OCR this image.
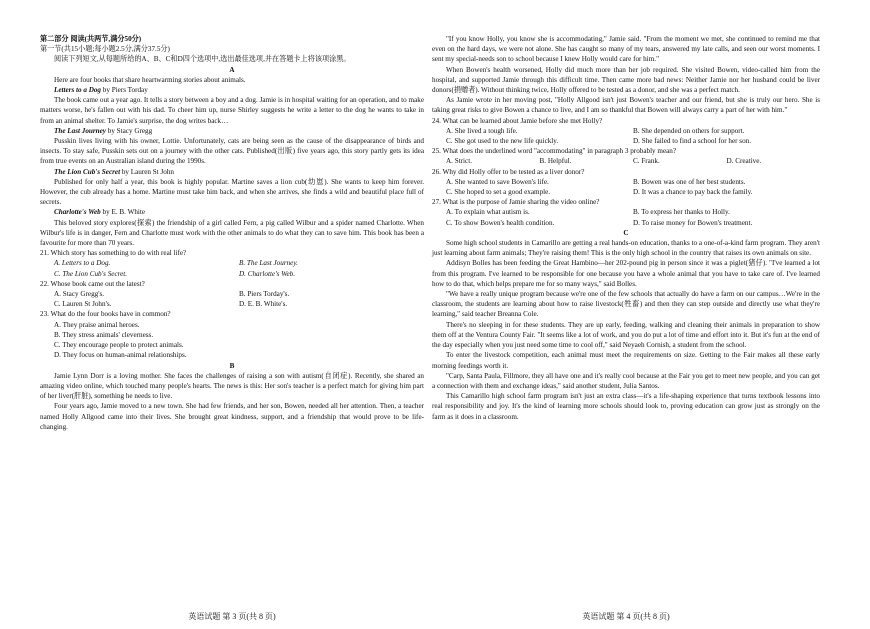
第二部分 阅读(共两节,满分50分)

第一节(共15小题;每小题2.5分,满分37.5分)

阅读下列短文,从每题所给的A、B、C和D四个选项中,选出最佳选项,并在答题卡上将该项涂黑。

A

Here are four books that share heartwarming stories about animals.

Letters to a Dog by Piers Torday

The book came out a year ago. It tells a story between a boy and a dog. Jamie is in hospital waiting for an operation, and to make matters worse, he's fallen out with his dad. To cheer him up, nurse Shirley suggests he write a letter to the dog he wants to take in from an animal shelter. To Jamie's surprise, the dog writes back…

The Last Journey by Stacy Gregg

Pusskin lives living with his owner, Lottie. Unfortunately, cats are being seen as the cause of the disappearance of birds and insects. To stay safe, Pusskin sets out on a journey with the other cats. Published(出版) five years ago, this story partly gets its idea from true events on an Australian island during the 1990s.

The Lion Cub's Secret by Lauren St John

Published for only half a year, this book is highly popular. Martine saves a lion cub(幼崽). She wants to keep him forever. However, the cub already has a home. Martine must take him back, and when she arrives, she finds a wild and beautiful place full of secrets.

Charlotte's Web by E. B. White

This beloved story explores(探索) the friendship of a girl called Fern, a pig called Wilbur and a spider named Charlotte. When Wilbur's life is in danger, Fern and Charlotte must work with the other animals to do what they can to save him. This book has been a favourite for more than 70 years.

21. Which story has something to do with real life?

A. Letters to a Dog.	B. The Last Journey.
C. The Lion Cub's Secret.	D. Charlotte's Web.

22. Whose book came out the latest?

A. Stacy Gregg's.	B. Piers Torday's.
C. Lauren St John's.	D. E. B. White's.

23. What do the four books have in common?

A. They praise animal heroes.

B. They stress animals' cleverness.

C. They encourage people to protect animals.

D. They focus on human-animal relationships.

B

Jamie Lynn Dorr is a loving mother. She faces the challenges of raising a son with autism(自闭症). Recently, she shared an amazing video online, which touched many people's hearts. The news is this: Her son's teacher is a perfect match for giving him part of her liver(肝脏), something he needs to live.

Four years ago, Jamie moved to a new town. She had few friends, and her son, Bowen, needed all her attention. Then, a teacher named Holly Allgood came into their lives. She brought great kindness, support, and a friendship that would prove to be life-changing.

"If you know Holly, you know she is accommodating," Jamie said. "From the moment we met, she continued to remind me that even on the hard days, we were not alone. She has caught so many of my tears, answered my late calls, and seen our worst moments. I sent my special-needs son to school because I knew Holly would care for him."

When Bowen's health worsened, Holly did much more than her job required. She visited Bowen, video-called him from the hospital, and supported Jamie through this difficult time. Then came more bad news: Neither Jamie nor her husband could be liver donors(捐赠者). Without thinking twice, Holly offered to be tested as a donor, and she was a perfect match.

As Jamie wrote in her moving post, "Holly Allgood isn't just Bowen's teacher and our friend, but she is truly our hero. She is taking great risks to give Bowen a chance to live, and I am so thankful that Bowen will always carry a part of her with him."

24. What can be learned about Jamie before she met Holly?

A. She lived a tough life.	B. She depended on others for support.
C. She got used to the new life quickly.	D. She failed to find a school for her son.

25. What does the underlined word "accommodating" in paragraph 3 probably mean?

A. Strict.	B. Helpful.	C. Frank.	D. Creative.

26. Why did Holly offer to be tested as a liver donor?

A. She wanted to save Bowen's life.	B. Bowen was one of her best students.
C. She hoped to set a good example.	D. It was a chance to pay back the family.

27. What is the purpose of Jamie sharing the video online?

A. To explain what autism is.	B. To express her thanks to Holly.
C. To show Bowen's health condition.	D. To raise money for Bowen's treatment.

C

Some high school students in Camarillo are getting a real hands-on education, thanks to a one-of-a-kind farm program. They aren't just learning about farm animals; They're raising them! This is the only high school in the country that raises its own animals on site.

Addisyn Bolles has been feeding the Great Hambino—her 202-pound pig in person since it was a piglet(猪仔). "I've learned a lot from this program. I've learned to be responsible for one because you have a whole animal that you have to take care of. I've learned how to do that, which helps prepare me for so many ways," said Bolles.

"We have a really unique program because we're one of the few schools that actually do have a farm on our campus…We're in the classroom, the students are learning about how to raise livestock(牲畜) and then they can step outside and directly use what they're learning," said teacher Breanna Cole.

There's no sleeping in for these students. They are up early, feeding, walking and cleaning their animals in preparation to show them off at the Ventura County Fair. "It seems like a lot of work, and you do put a lot of time and effort into it. But it's fun at the end of the day especially when you just need some time to cool off," said Neyaeh Cornish, a student from the school.

To enter the livestock competition, each animal must meet the requirements on size. Getting to the Fair makes all these early morning feedings worth it.

"Carp, Santa Paula, Fillmore, they all have one and it's really cool because at the Fair you get to meet new people, and you can get a connection with them and exchange ideas," said another student, Julia Santos.

This Camarillo high school farm program isn't just an extra class—it's a life-shaping experience that turns textbook lessons into real responsibility and joy. It's the kind of learning more schools should look to, proving education can grow just as strongly on the farm as it does in a classroom.

英语试题 第 3 页(共 8 页)	英语试题 第 4 页(共 8 页)
